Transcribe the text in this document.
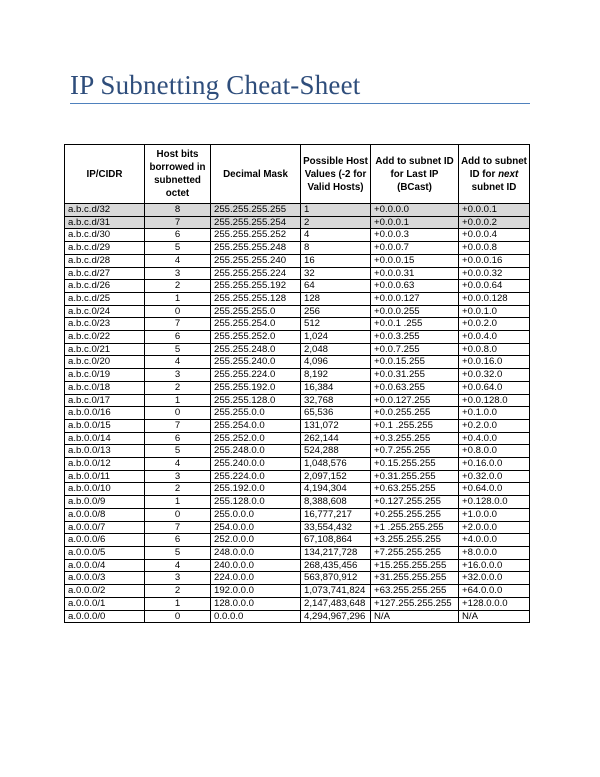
IP Subnetting Cheat-Sheet
IP/CIDR	Host bits borrowed in subnetted octet	Decimal Mask	Possible Host Values (-2 for Valid Hosts)	Add to subnet ID for Last IP (BCast)	Add to subnet ID for next subnet ID
a.b.c.d/32	8	255.255.255.255	1	+0.0.0.0	+0.0.0.1
a.b.c.d/31	7	255.255.255.254	2	+0.0.0.1	+0.0.0.2
a.b.c.d/30	6	255.255.255.252	4	+0.0.0.3	+0.0.0.4
a.b.c.d/29	5	255.255.255.248	8	+0.0.0.7	+0.0.0.8
a.b.c.d/28	4	255.255.255.240	16	+0.0.0.15	+0.0.0.16
a.b.c.d/27	3	255.255.255.224	32	+0.0.0.31	+0.0.0.32
a.b.c.d/26	2	255.255.255.192	64	+0.0.0.63	+0.0.0.64
a.b.c.d/25	1	255.255.255.128	128	+0.0.0.127	+0.0.0.128
a.b.c.0/24	0	255.255.255.0	256	+0.0.0.255	+0.0.1.0
a.b.c.0/23	7	255.255.254.0	512	+0.0.1 .255	+0.0.2.0
a.b.c.0/22	6	255.255.252.0	1,024	+0.0.3.255	+0.0.4.0
a.b.c.0/21	5	255.255.248.0	2,048	+0.0.7.255	+0.0.8.0
a.b.c.0/20	4	255.255.240.0	4,096	+0.0.15.255	+0.0.16.0
a.b.c.0/19	3	255.255.224.0	8,192	+0.0.31.255	+0.0.32.0
a.b.c.0/18	2	255.255.192.0	16,384	+0.0.63.255	+0.0.64.0
a.b.c.0/17	1	255.255.128.0	32,768	+0.0.127.255	+0.0.128.0
a.b.0.0/16	0	255.255.0.0	65,536	+0.0.255.255	+0.1.0.0
a.b.0.0/15	7	255.254.0.0	131,072	+0.1 .255.255	+0.2.0.0
a.b.0.0/14	6	255.252.0.0	262,144	+0.3.255.255	+0.4.0.0
a.b.0.0/13	5	255.248.0.0	524,288	+0.7.255.255	+0.8.0.0
a.b.0.0/12	4	255.240.0.0	1,048,576	+0.15.255.255	+0.16.0.0
a.b.0.0/11	3	255.224.0.0	2,097,152	+0.31.255.255	+0.32.0.0
a.b.0.0/10	2	255.192.0.0	4,194,304	+0.63.255.255	+0.64.0.0
a.b.0.0/9	1	255.128.0.0	8,388,608	+0.127.255.255	+0.128.0.0
a.0.0.0/8	0	255.0.0.0	16,777,217	+0.255.255.255	+1.0.0.0
a.0.0.0/7	7	254.0.0.0	33,554,432	+1 .255.255.255	+2.0.0.0
a.0.0.0/6	6	252.0.0.0	67,108,864	+3.255.255.255	+4.0.0.0
a.0.0.0/5	5	248.0.0.0	134,217,728	+7.255.255.255	+8.0.0.0
a.0.0.0/4	4	240.0.0.0	268,435,456	+15.255.255.255	+16.0.0.0
a.0.0.0/3	3	224.0.0.0	563,870,912	+31.255.255.255	+32.0.0.0
a.0.0.0/2	2	192.0.0.0	1,073,741,824	+63.255.255.255	+64.0.0.0
a.0.0.0/1	1	128.0.0.0	2,147,483,648	+127.255.255.255	+128.0.0.0
a.0.0.0/0	0	0.0.0.0	4,294,967,296	N/A	N/A
